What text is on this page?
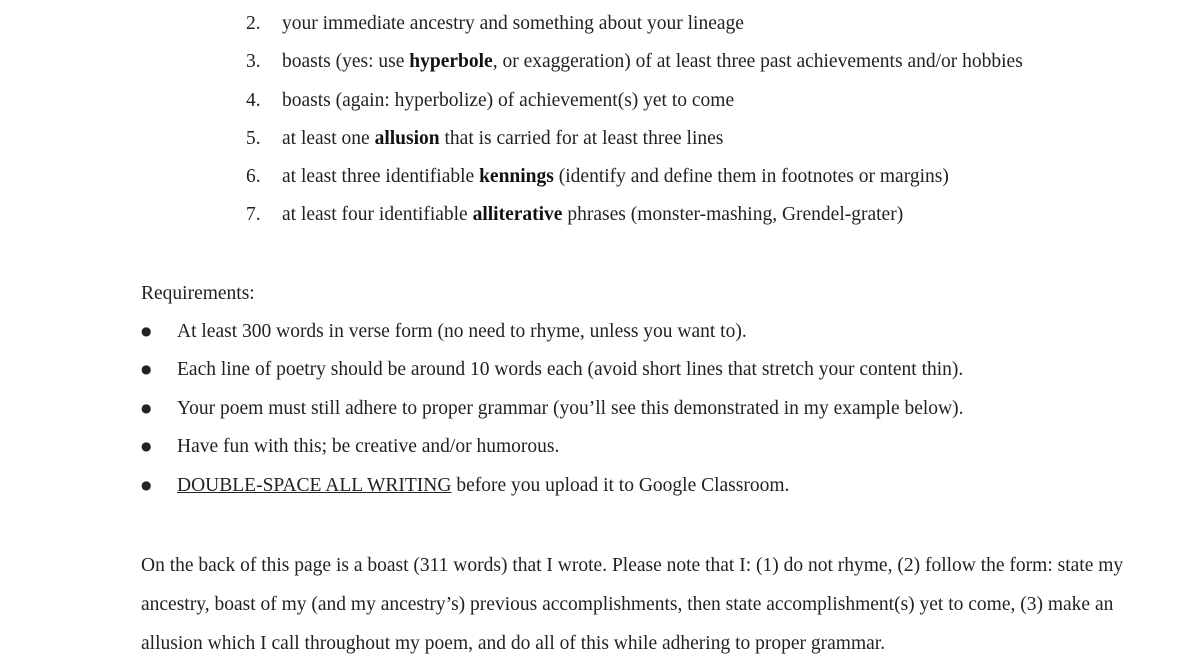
2. your immediate ancestry and something about your lineage
3. boasts (yes: use hyperbole, or exaggeration) of at least three past achievements and/or hobbies
4. boasts (again: hyperbolize) of achievement(s) yet to come
5. at least one allusion that is carried for at least three lines
6. at least three identifiable kennings (identify and define them in footnotes or margins)
7. at least four identifiable alliterative phrases (monster-mashing, Grendel-grater)

Requirements:

● At least 300 words in verse form (no need to rhyme, unless you want to).
● Each line of poetry should be around 10 words each (avoid short lines that stretch your content thin).
● Your poem must still adhere to proper grammar (you’ll see this demonstrated in my example below).
● Have fun with this; be creative and/or humorous.
● DOUBLE-SPACE ALL WRITING before you upload it to Google Classroom.

On the back of this page is a boast (311 words) that I wrote. Please note that I: (1) do not rhyme, (2) follow the form: state my ancestry, boast of my (and my ancestry’s) previous accomplishments, then state accomplishment(s) yet to come, (3) make an allusion which I call throughout my poem, and do all of this while adhering to proper grammar.
